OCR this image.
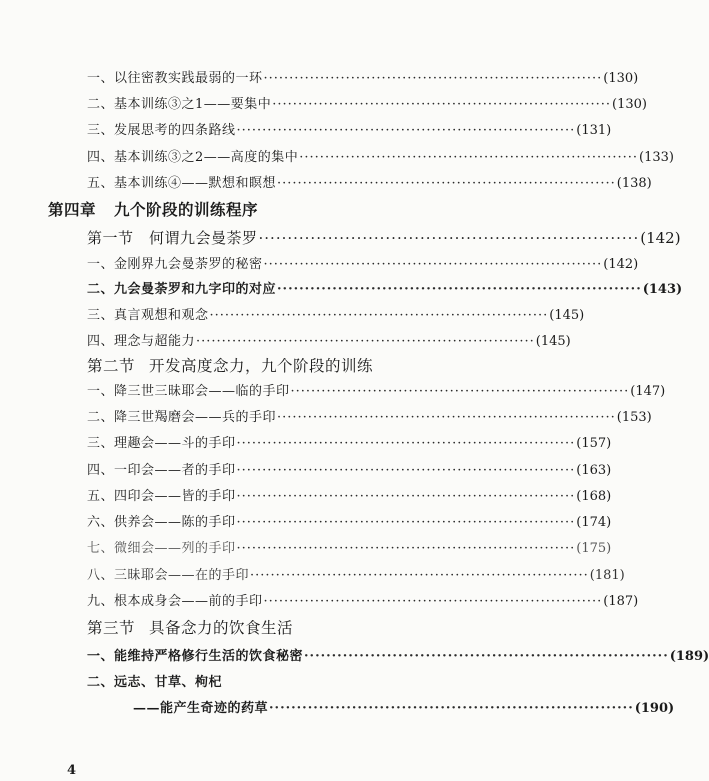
一、以往密教实践最弱的一环 ·································································· (130)
二、基本训练③之1——要集中 ·································································· (130)
三、发展思考的四条路线 ·································································· (131)
四、基本训练③之2——高度的集中 ·································································· (133)
五、基本训练④——默想和瞑想 ·································································· (138)
第四章 九个阶段的训练程序
第一节　何谓九会曼荼罗 ·································································· (142)
一、金刚界九会曼荼罗的秘密 ·································································· (142)
二、九会曼荼罗和九字印的对应 ·································································· (143)
三、真言观想和观念 ·································································· (145)
四、理念与超能力 ·································································· (145)
第二节 开发高度念力，九个阶段的训练
一、降三世三昧耶会——临的手印 ·································································· (147)
二、降三世羯磨会——兵的手印 ·································································· (153)
三、理趣会——斗的手印 ·································································· (157)
四、一印会——者的手印 ·································································· (163)
五、四印会——皆的手印 ·································································· (168)
六、供养会——陈的手印 ·································································· (174)
七、微细会——列的手印 ·································································· (175)
八、三昧耶会——在的手印 ·································································· (181)
九、根本成身会——前的手印 ·································································· (187)
第三节 具备念力的饮食生活
一、能维持严格修行生活的饮食秘密 ·································································· (189)
二、远志、甘草、枸杞
——能产生奇迹的药草 ·································································· (190)
4
